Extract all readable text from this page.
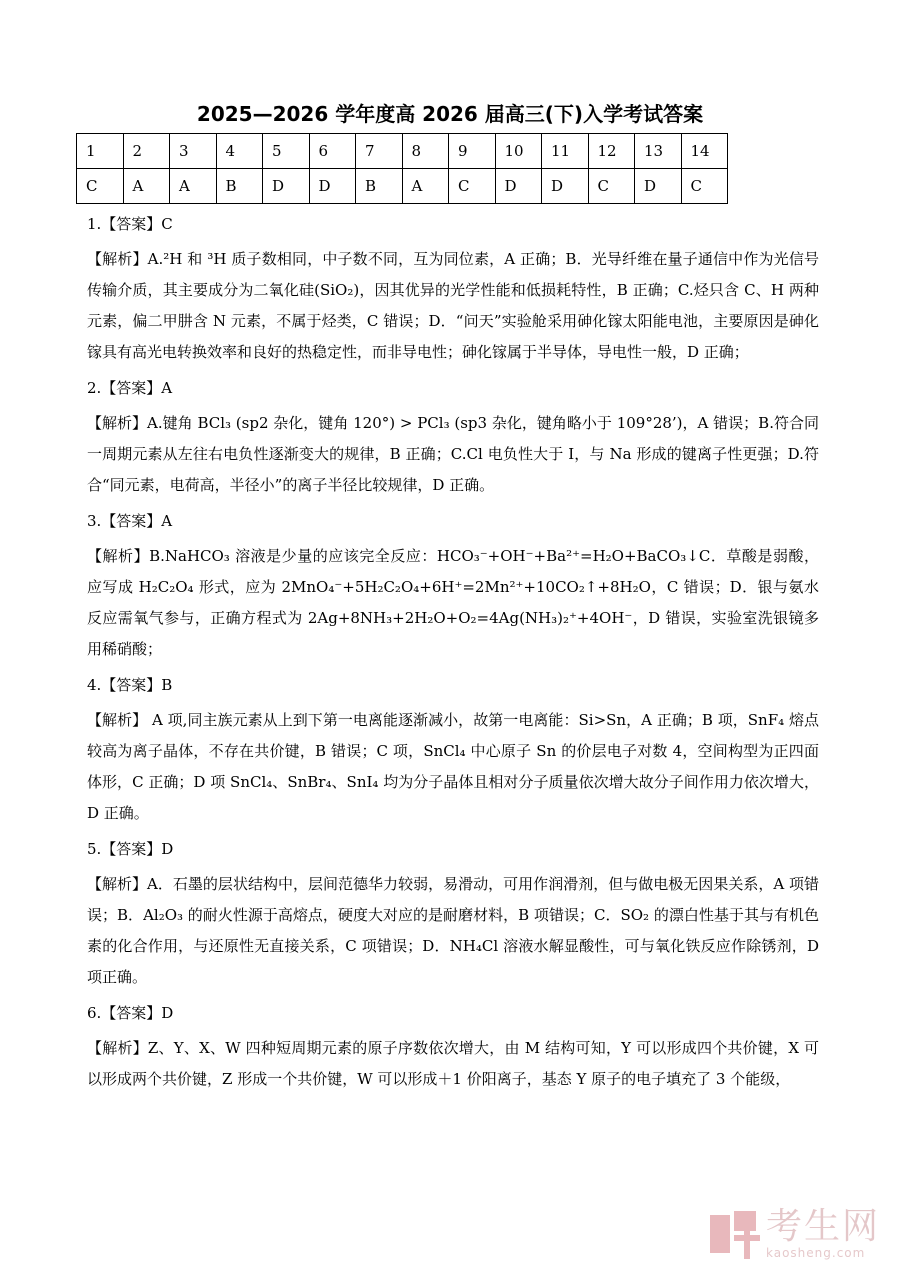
2025—2026 学年度高 2026 届高三(下)入学考试答案
1	2	3	4	5	6	7	8	9	10	11	12	13	14
C	A	A	B	D	D	B	A	C	D	D	C	D	C

1.【答案】C

【解析】A.²H 和 ³H 质子数相同，中子数不同，互为同位素，A 正确；B．光导纤维在量子通信中作为光信号传输介质，其主要成分为二氧化硅(SiO₂)，因其优异的光学性能和低损耗特性，B 正确；C.烃只含 C、H 两种元素，偏二甲肼含 N 元素，不属于烃类，C 错误；D．“问天”实验舱采用砷化镓太阳能电池，主要原因是砷化镓具有高光电转换效率和良好的热稳定性，而非导电性；砷化镓属于半导体，导电性一般，D 正确；

2.【答案】A

【解析】A.键角 BCl₃ (sp2 杂化，键角 120°) > PCl₃ (sp3 杂化，键角略小于 109°28’)，A 错误；B.符合同一周期元素从左往右电负性逐渐变大的规律，B 正确；C.Cl 电负性大于 I，与 Na 形成的键离子性更强；D.符合“同元素，电荷高，半径小”的离子半径比较规律，D 正确。

3.【答案】A

【解析】B.NaHCO₃ 溶液是少量的应该完全反应：HCO₃⁻+OH⁻+Ba²⁺=H₂O+BaCO₃↓C．草酸是弱酸，应写成 H₂C₂O₄ 形式，应为 2MnO₄⁻+5H₂C₂O₄+6H⁺=2Mn²⁺+10CO₂↑+8H₂O，C 错误；D．银与氨水反应需氧气参与，正确方程式为 2Ag+8NH₃+2H₂O+O₂=4Ag(NH₃)₂⁺+4OH⁻，D 错误，实验室洗银镜多用稀硝酸；

4.【答案】B

【解析】 A 项,同主族元素从上到下第一电离能逐渐减小，故第一电离能：Si>Sn，A 正确；B 项，SnF₄ 熔点较高为离子晶体，不存在共价键，B 错误；C 项，SnCl₄ 中心原子 Sn 的价层电子对数 4，空间构型为正四面体形，C 正确；D 项 SnCl₄、SnBr₄、SnI₄ 均为分子晶体且相对分子质量依次增大故分子间作用力依次增大，D 正确。

5.【答案】D

【解析】A．石墨的层状结构中，层间范德华力较弱，易滑动，可用作润滑剂，但与做电极无因果关系，A 项错误；B．Al₂O₃ 的耐火性源于高熔点，硬度大对应的是耐磨材料，B 项错误；C．SO₂ 的漂白性基于其与有机色素的化合作用，与还原性无直接关系，C 项错误；D．NH₄Cl 溶液水解显酸性，可与氧化铁反应作除锈剂，D 项正确。

6.【答案】D

【解析】Z、Y、X、W 四种短周期元素的原子序数依次增大，由 M 结构可知，Y 可以形成四个共价键，X 可以形成两个共价键，Z 形成一个共价键，W 可以形成＋1 价阳离子，基态 Y 原子的电子填充了 3 个能级，

考生网
kaosheng.com
